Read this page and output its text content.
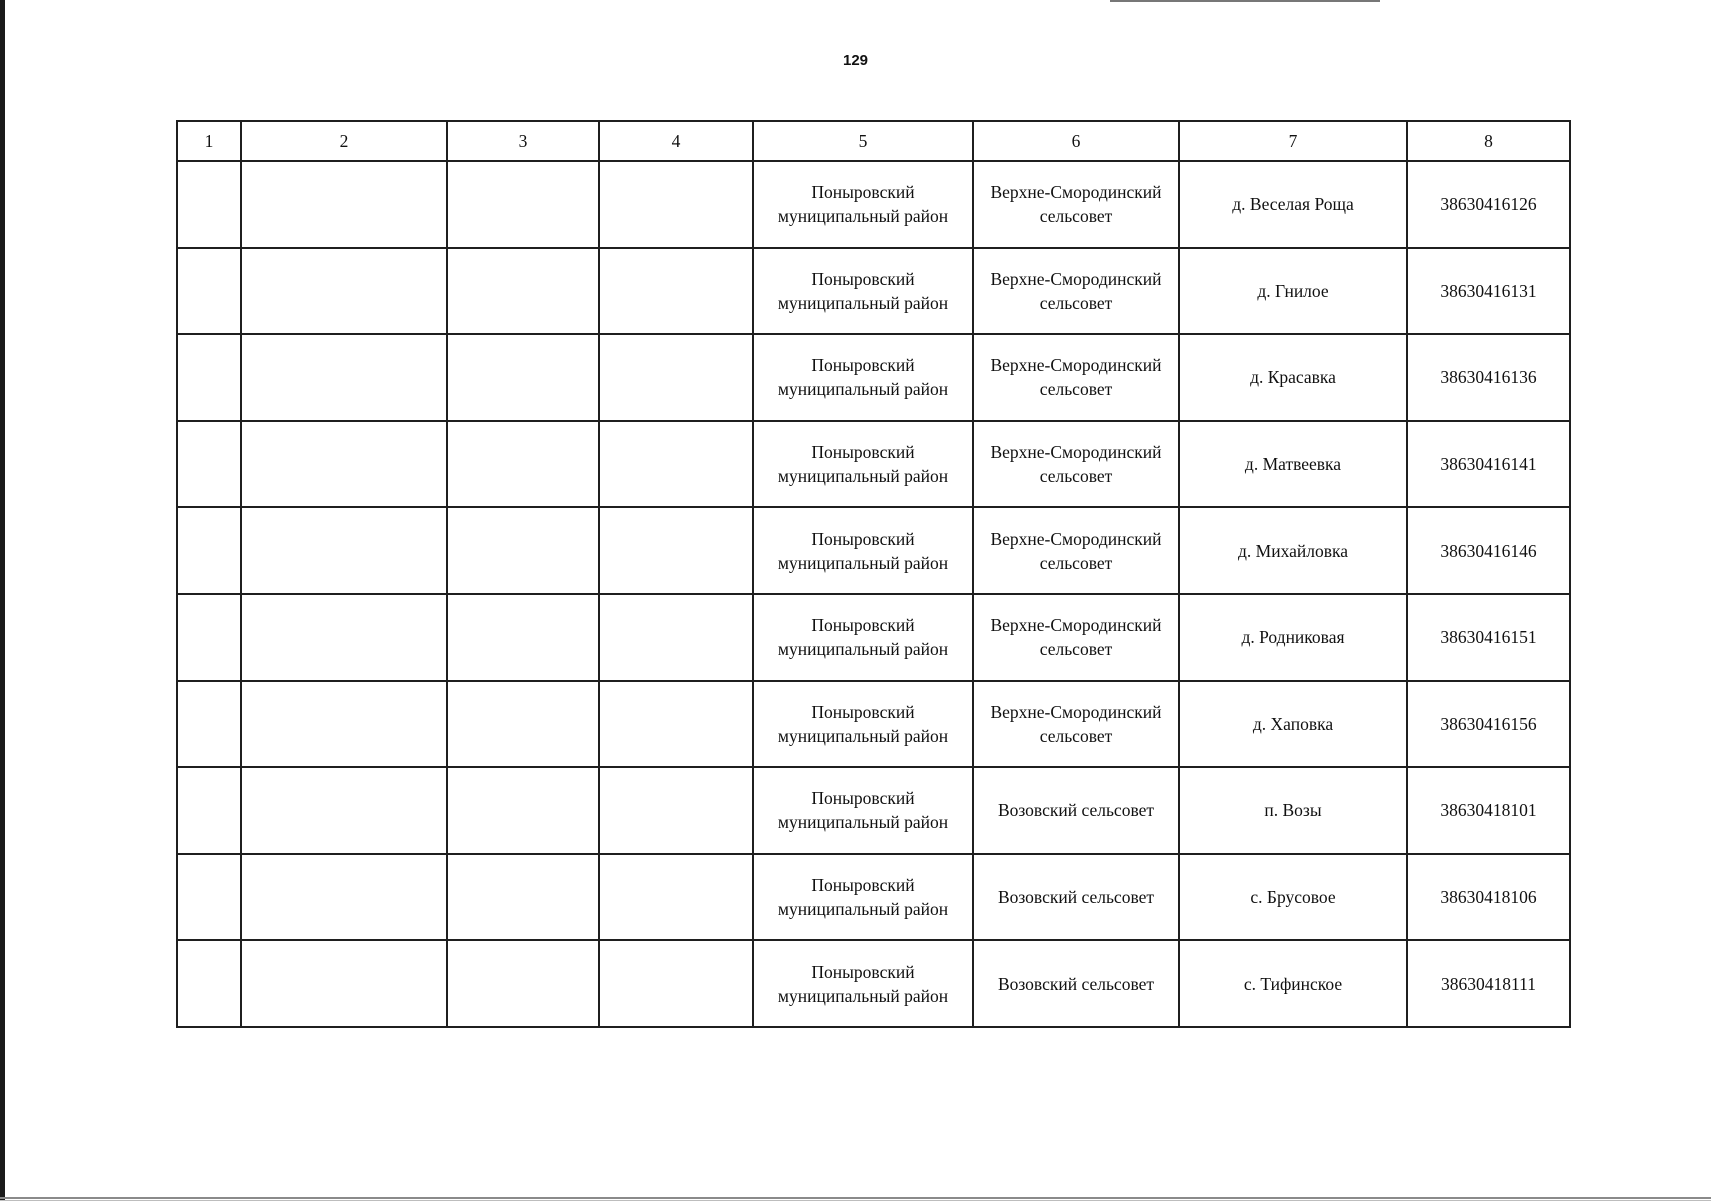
129
1	2	3	4	5	6	7	8
				Поныровский муниципальный район	Верхне-Смородинский сельсовет	д. Веселая Роща	38630416126
				Поныровский муниципальный район	Верхне-Смородинский сельсовет	д. Гнилое	38630416131
				Поныровский муниципальный район	Верхне-Смородинский сельсовет	д. Красавка	38630416136
				Поныровский муниципальный район	Верхне-Смородинский сельсовет	д. Матвеевка	38630416141
				Поныровский муниципальный район	Верхне-Смородинский сельсовет	д. Михайловка	38630416146
				Поныровский муниципальный район	Верхне-Смородинский сельсовет	д. Родниковая	38630416151
				Поныровский муниципальный район	Верхне-Смородинский сельсовет	д. Хаповка	38630416156
				Поныровский муниципальный район	Возовский сельсовет	п. Возы	38630418101
				Поныровский муниципальный район	Возовский сельсовет	с. Брусовое	38630418106
				Поныровский муниципальный район	Возовский сельсовет	с. Тифинское	38630418111
